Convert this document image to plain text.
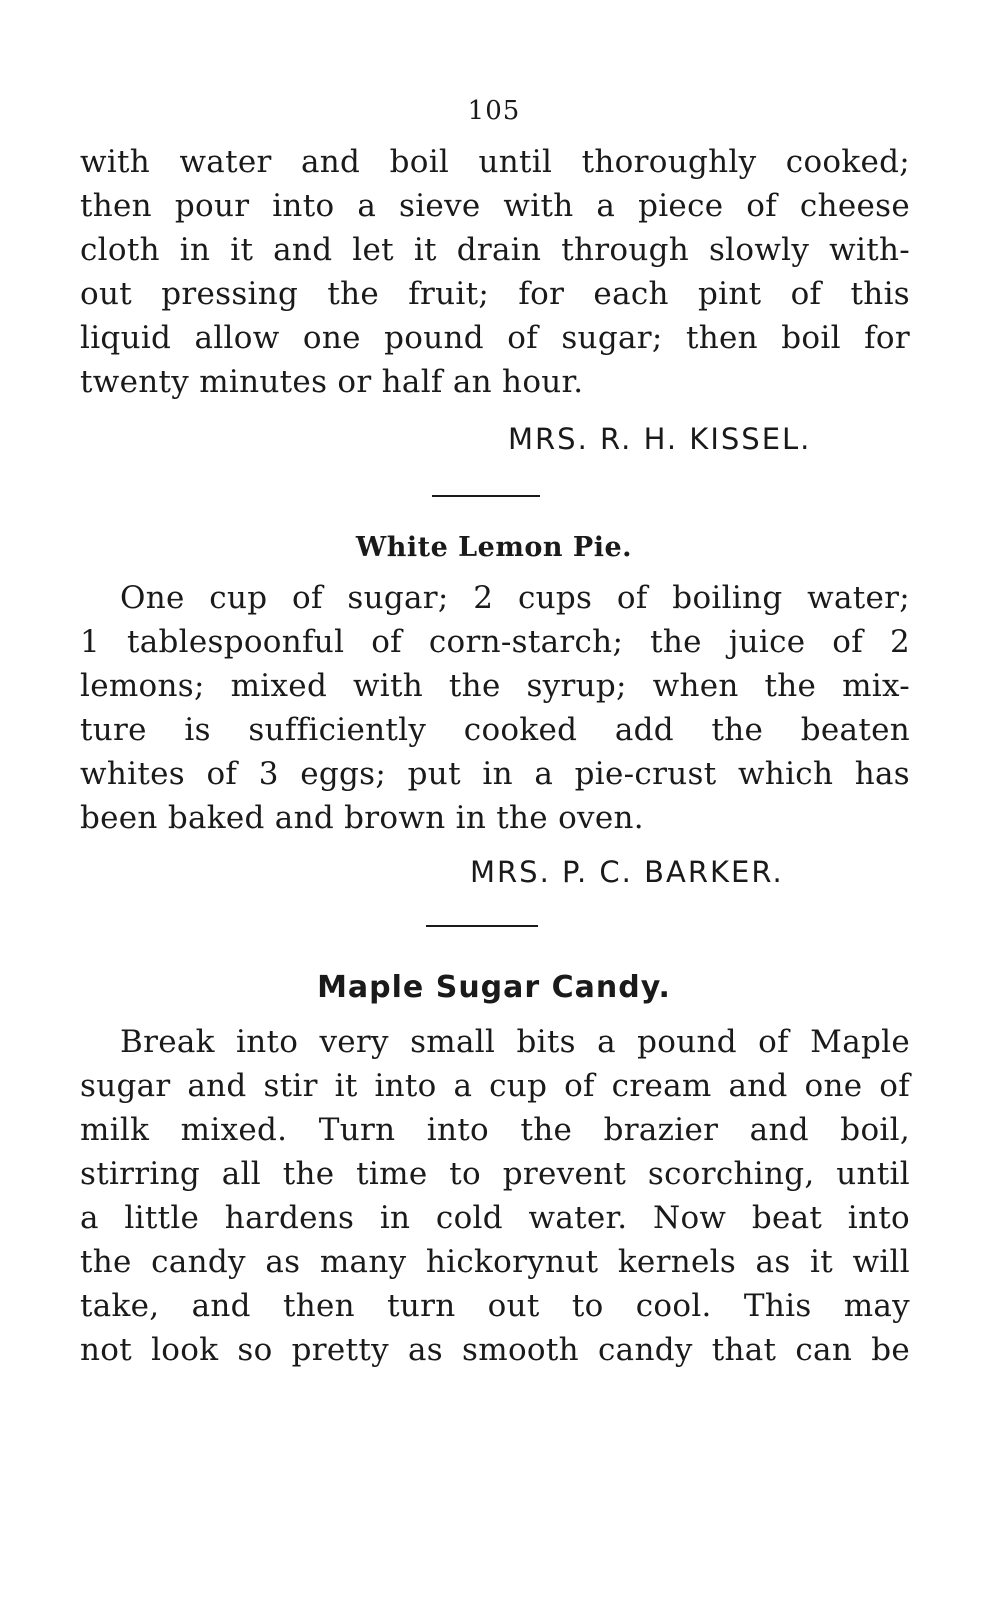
105
with water and boil until thoroughly cooked;
then pour into a sieve with a piece of cheese
cloth in it and let it drain through slowly with-
out pressing the fruit; for each pint of this
liquid allow one pound of sugar; then boil for
twenty minutes or half an hour.
MRS. R. H. KISSEL.
White Lemon Pie.
One cup of sugar; 2 cups of boiling water;
1 tablespoonful of corn-starch; the juice of 2
lemons; mixed with the syrup; when the mix-
ture is sufficiently cooked add the beaten
whites of 3 eggs; put in a pie-crust which has
been baked and brown in the oven.
MRS. P. C. BARKER.
Maple Sugar Candy.
Break into very small bits a pound of Maple
sugar and stir it into a cup of cream and one of
milk mixed. Turn into the brazier and boil,
stirring all the time to prevent scorching, until
a little hardens in cold water. Now beat into
the candy as many hickorynut kernels as it will
take, and then turn out to cool. This may
not look so pretty as smooth candy that can be
